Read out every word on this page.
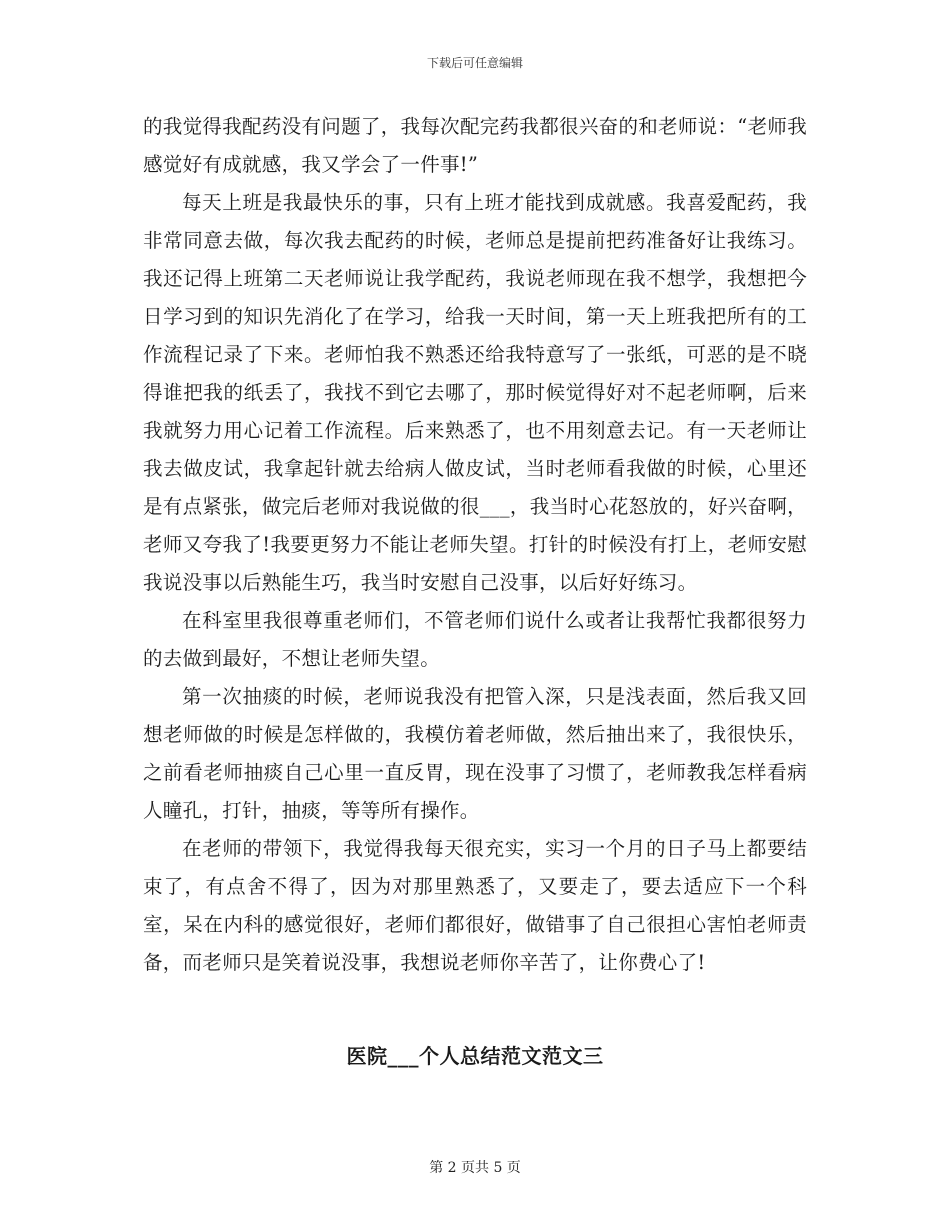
下载后可任意编辑

的我觉得我配药没有问题了，我每次配完药我都很兴奋的和老师说：“老师我感觉好有成就感，我又学会了一件事!”

每天上班是我最快乐的事，只有上班才能找到成就感。我喜爱配药，我非常同意去做，每次我去配药的时候，老师总是提前把药准备好让我练习。我还记得上班第二天老师说让我学配药，我说老师现在我不想学，我想把今日学习到的知识先消化了在学习，给我一天时间，第一天上班我把所有的工作流程记录了下来。老师怕我不熟悉还给我特意写了一张纸，可恶的是不晓得谁把我的纸丢了，我找不到它去哪了，那时候觉得好对不起老师啊，后来我就努力用心记着工作流程。后来熟悉了，也不用刻意去记。有一天老师让我去做皮试，我拿起针就去给病人做皮试，当时老师看我做的时候，心里还是有点紧张，做完后老师对我说做的很___，我当时心花怒放的，好兴奋啊，老师又夸我了!我要更努力不能让老师失望。打针的时候没有打上，老师安慰我说没事以后熟能生巧，我当时安慰自己没事，以后好好练习。

在科室里我很尊重老师们，不管老师们说什么或者让我帮忙我都很努力的去做到最好，不想让老师失望。

第一次抽痰的时候，老师说我没有把管入深，只是浅表面，然后我又回想老师做的时候是怎样做的，我模仿着老师做，然后抽出来了，我很快乐，之前看老师抽痰自己心里一直反胃，现在没事了习惯了，老师教我怎样看病人瞳孔，打针，抽痰，等等所有操作。

在老师的带领下，我觉得我每天很充实，实习一个月的日子马上都要结束了，有点舍不得了，因为对那里熟悉了，又要走了，要去适应下一个科室，呆在内科的感觉很好，老师们都很好，做错事了自己很担心害怕老师责备，而老师只是笑着说没事，我想说老师你辛苦了，让你费心了!

医院___个人总结范文范文三
第 2 页共 5 页
